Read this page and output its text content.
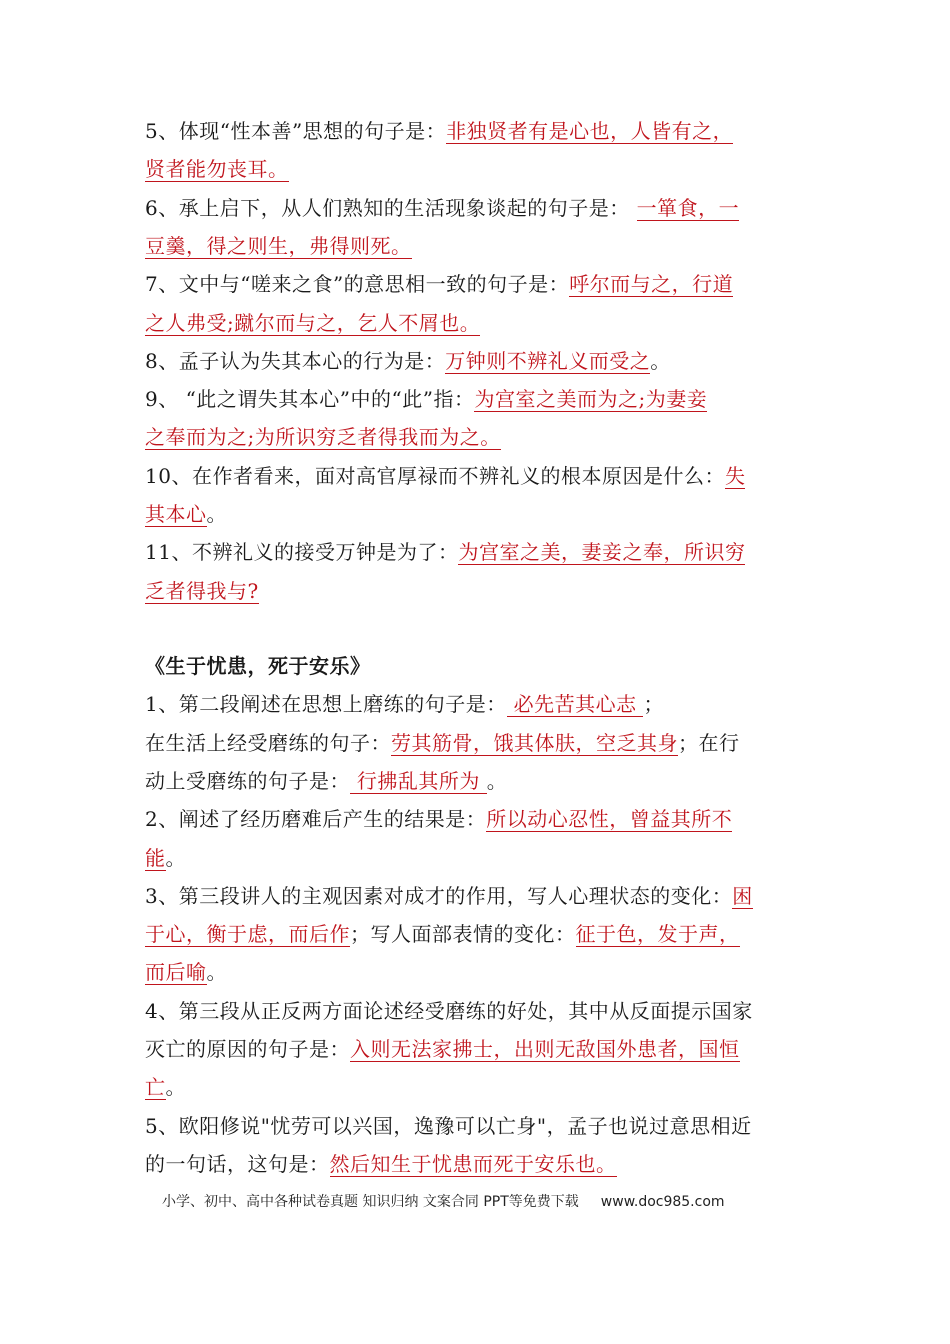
5、体现“性本善”思想的句子是：非独贤者有是心也，人皆有之，
贤者能勿丧耳。
6、承上启下，从人们熟知的生活现象谈起的句子是： 一箪食，一
豆羹，得之则生，弗得则死。
7、文中与“嗟来之食”的意思相一致的句子是：呼尔而与之，行道
之人弗受;蹴尔而与之，乞人不屑也。
8、孟子认为失其本心的行为是：万钟则不辨礼义而受之。
9、 “此之谓失其本心”中的“此”指：为宫室之美而为之;为妻妾
之奉而为之;为所识穷乏者得我而为之。
10、在作者看来，面对高官厚禄而不辨礼义的根本原因是什么：失
其本心。
11、不辨礼义的接受万钟是为了：为宫室之美，妻妾之奉，所识穷
乏者得我与?
《生于忧患，死于安乐》
1、第二段阐述在思想上磨练的句子是： 必先苦其心志 ；
在生活上经受磨练的句子：劳其筋骨，饿其体肤，空乏其身；在行
动上受磨练的句子是： 行拂乱其所为 。
2、阐述了经历磨难后产生的结果是：所以动心忍性，曾益其所不
能。
3、第三段讲人的主观因素对成才的作用，写人心理状态的变化：困
于心，衡于虑，而后作；写人面部表情的变化：征于色，发于声，
而后喻。
4、第三段从正反两方面论述经受磨练的好处，其中从反面提示国家
灭亡的原因的句子是：入则无法家拂士，出则无敌国外患者，国恒
亡。
5、欧阳修说"忧劳可以兴国，逸豫可以亡身"，孟子也说过意思相近
的一句话，这句是：然后知生于忧患而死于安乐也。
小学、初中、高中各种试卷真题 知识归纳 文案合同 PPT等免费下载 www.doc985.com
